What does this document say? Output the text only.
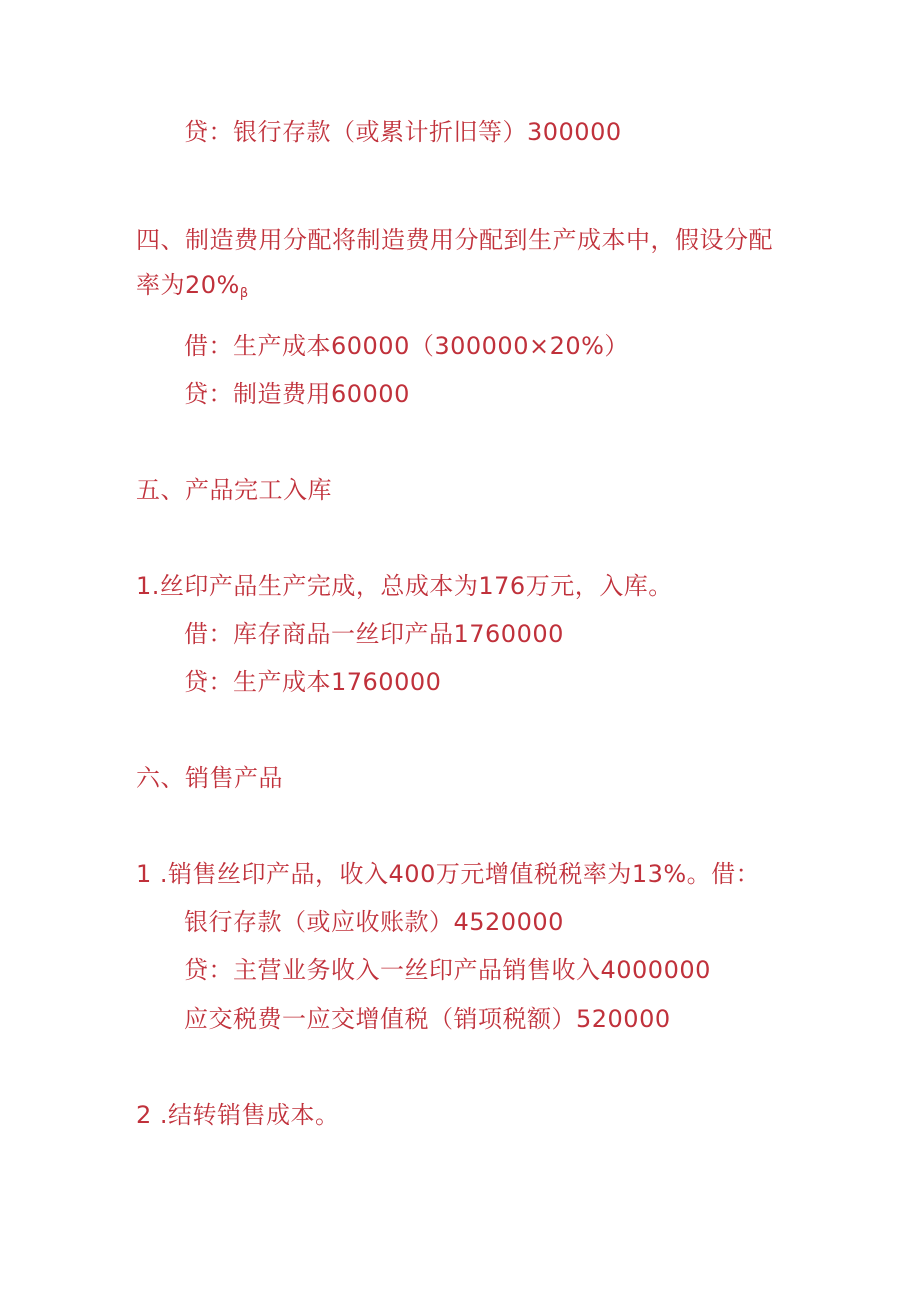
贷：银行存款（或累计折旧等）300000
四、制造费用分配将制造费用分配到生产成本中，假设分配
率为$20\%_\beta$
借：生产成本60000（300000×20%）
贷：制造费用60000
五、产品完工入库
1.丝印产品生产完成，总成本为176万元，入库。
借：库存商品一丝印产品1760000
贷：生产成本1760000
六、销售产品
1 .销售丝印产品，收入400万元增值税税率为13%。借：
银行存款（或应收账款）4520000
贷：主营业务收入一丝印产品销售收入4000000
应交税费一应交增值税（销项税额）520000
2 .结转销售成本。
